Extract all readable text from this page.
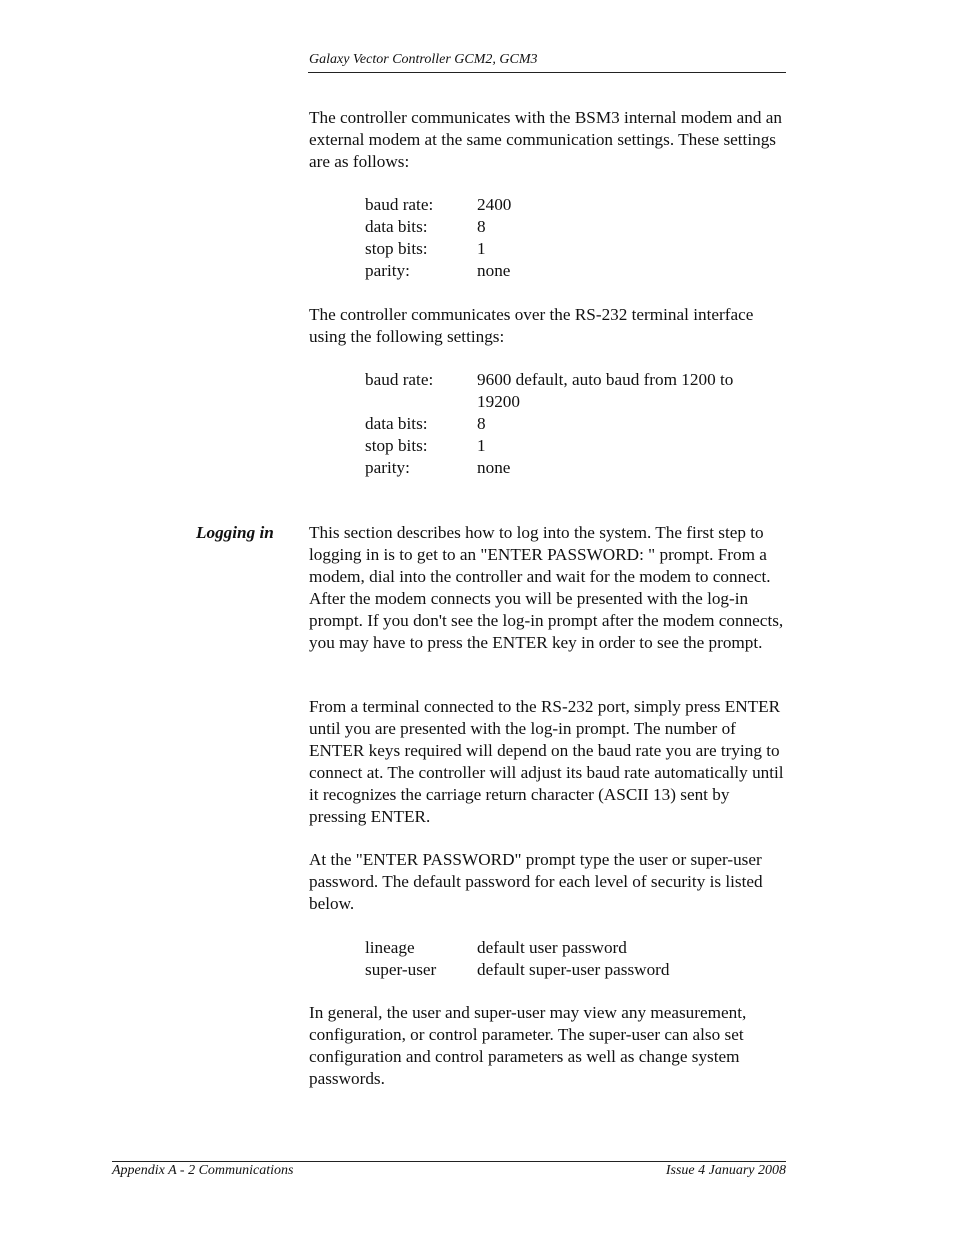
Galaxy Vector Controller GCM2, GCM3

The controller communicates with the BSM3 internal modem and an external modem at the same communication settings. These settings are as follows:

baud rate:	2400
data bits:	8
stop bits:	1
parity:	none

The controller communicates over the RS-232 terminal interface using the following settings:

baud rate:	9600 default, auto baud from 1200 to 19200
data bits:	8
stop bits:	1
parity:	none
Logging in This section describes how to log into the system. The first step to logging in is to get to an "ENTER PASSWORD: " prompt. From a modem, dial into the controller and wait for the modem to connect. After the modem connects you will be presented with the log-in prompt. If you don't see the log-in prompt after the modem connects, you may have to press the ENTER key in order to see the prompt.

From a terminal connected to the RS-232 port, simply press ENTER until you are presented with the log-in prompt. The number of ENTER keys required will depend on the baud rate you are trying to connect at. The controller will adjust its baud rate automatically until it recognizes the carriage return character (ASCII 13) sent by pressing ENTER.

At the "ENTER PASSWORD" prompt type the user or super-user password. The default password for each level of security is listed below.

lineage	default user password
super-user	default super-user password

In general, the user and super-user may view any measurement, configuration, or control parameter. The super-user can also set configuration and control parameters as well as change system passwords.

Appendix A - 2 Communications	Issue 4 January 2008
